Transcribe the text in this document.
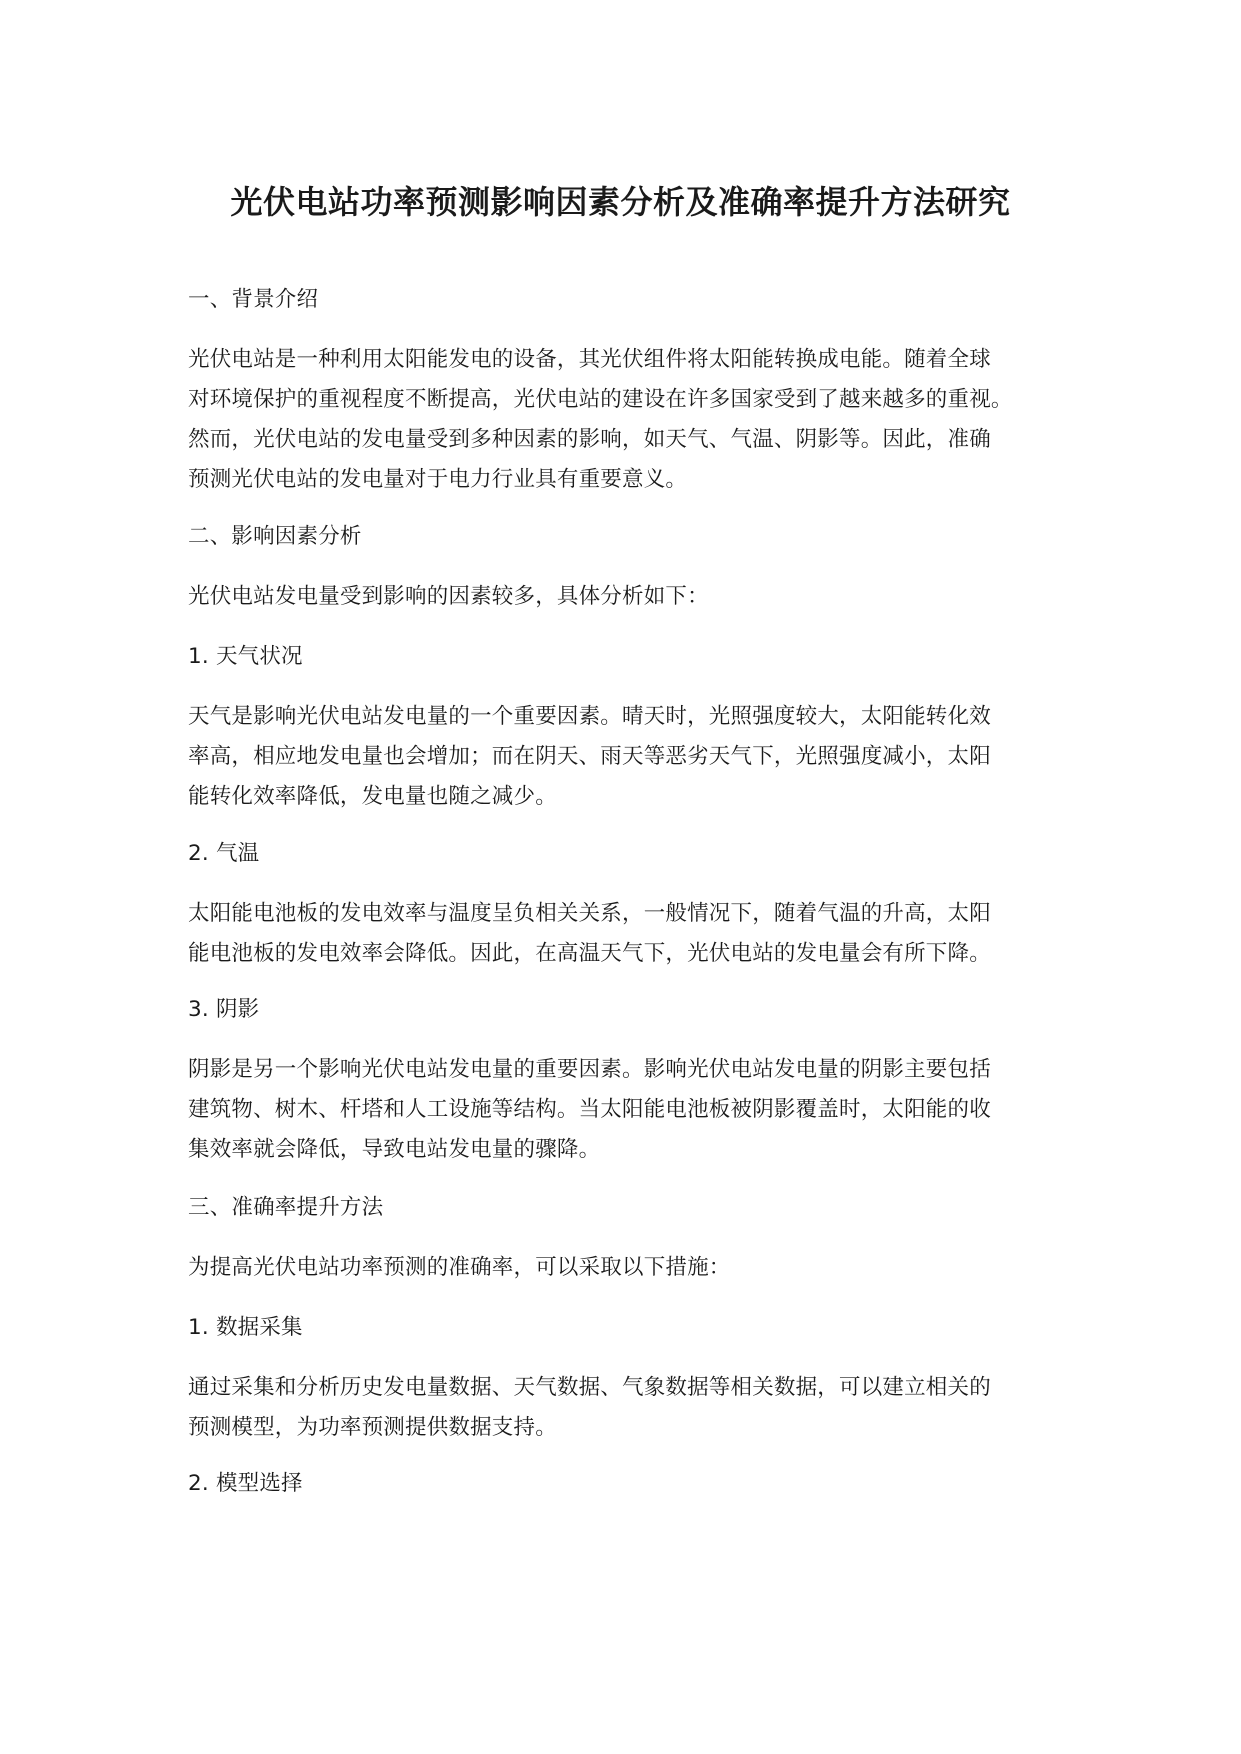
光伏电站功率预测影响因素分析及准确率提升方法研究
一、背景介绍
光伏电站是一种利用太阳能发电的设备，其光伏组件将太阳能转换成电能。随着全球
对环境保护的重视程度不断提高，光伏电站的建设在许多国家受到了越来越多的重视。
然而，光伏电站的发电量受到多种因素的影响，如天气、气温、阴影等。因此，准确
预测光伏电站的发电量对于电力行业具有重要意义。
二、影响因素分析
光伏电站发电量受到影响的因素较多，具体分析如下：
1. 天气状况
天气是影响光伏电站发电量的一个重要因素。晴天时，光照强度较大，太阳能转化效
率高，相应地发电量也会增加；而在阴天、雨天等恶劣天气下，光照强度减小，太阳
能转化效率降低，发电量也随之减少。
2. 气温
太阳能电池板的发电效率与温度呈负相关关系，一般情况下，随着气温的升高，太阳
能电池板的发电效率会降低。因此，在高温天气下，光伏电站的发电量会有所下降。
3. 阴影
阴影是另一个影响光伏电站发电量的重要因素。影响光伏电站发电量的阴影主要包括
建筑物、树木、杆塔和人工设施等结构。当太阳能电池板被阴影覆盖时，太阳能的收
集效率就会降低，导致电站发电量的骤降。
三、准确率提升方法
为提高光伏电站功率预测的准确率，可以采取以下措施：
1. 数据采集
通过采集和分析历史发电量数据、天气数据、气象数据等相关数据，可以建立相关的
预测模型，为功率预测提供数据支持。
2. 模型选择
